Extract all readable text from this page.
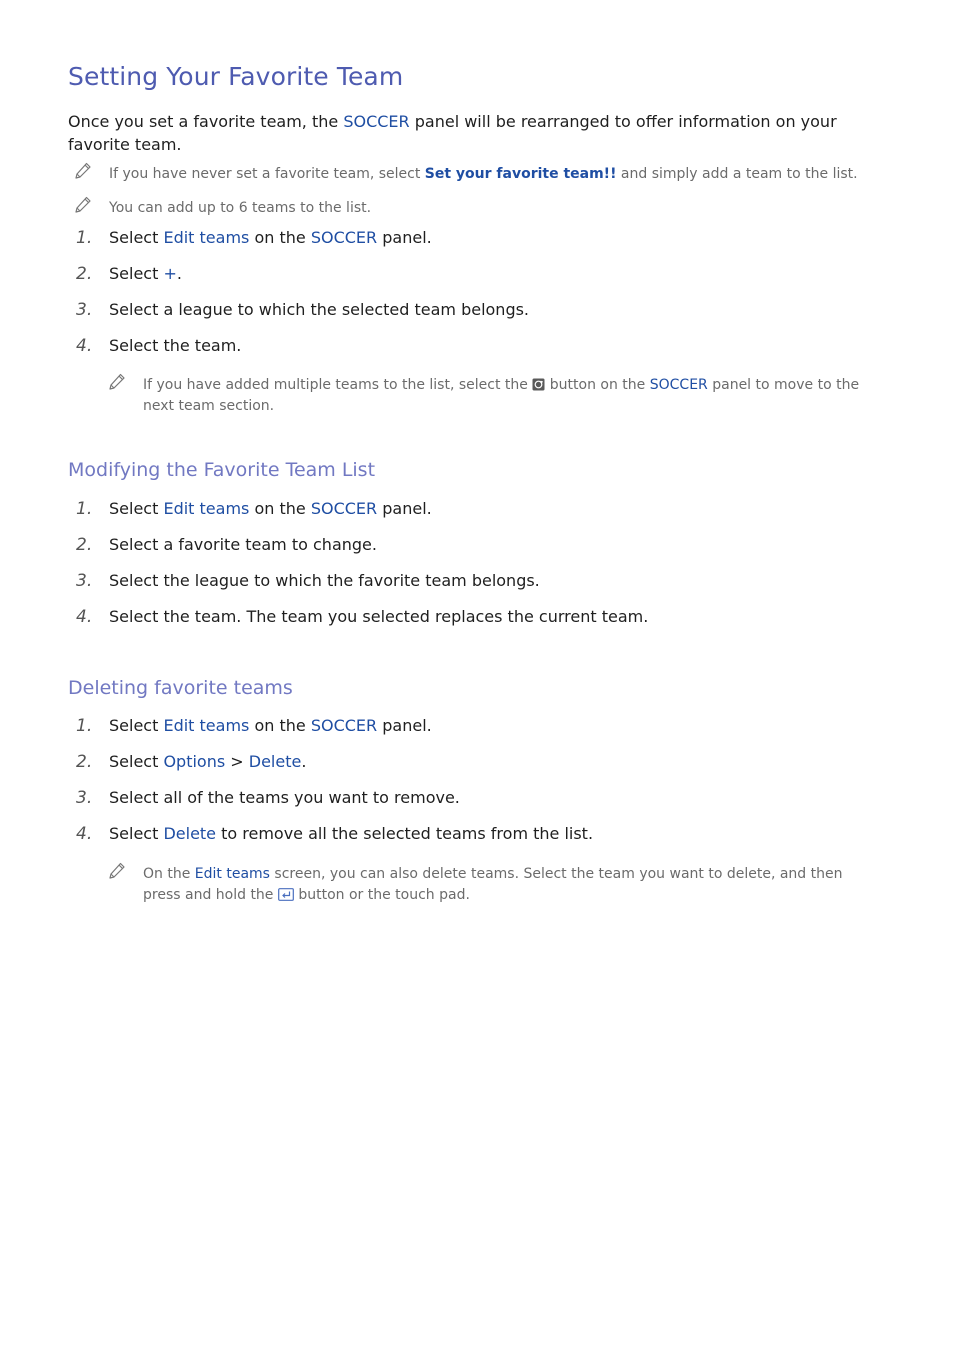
Setting Your Favorite Team

Once you set a favorite team, the SOCCER panel will be rearranged to offer information on your favorite team.

If you have never set a favorite team, select Set your favorite team!! and simply add a team to the list.

You can add up to 6 teams to the list.

1. Select Edit teams on the SOCCER panel.
2. Select +.
3. Select a league to which the selected team belongs.
4. Select the team.

If you have added multiple teams to the list, select the  button on the SOCCER panel to move to the
next team section.

Modifying the Favorite Team List
1. Select Edit teams on the SOCCER panel.
2. Select a favorite team to change.
3. Select the league to which the favorite team belongs.
4. Select the team. The team you selected replaces the current team.
Deleting favorite teams
1. Select Edit teams on the SOCCER panel.
2. Select Options > Delete.
3. Select all of the teams you want to remove.
4. Select Delete to remove all the selected teams from the list.

On the Edit teams screen, you can also delete teams. Select the team you want to delete, and then
press and hold the  button or the touch pad.
